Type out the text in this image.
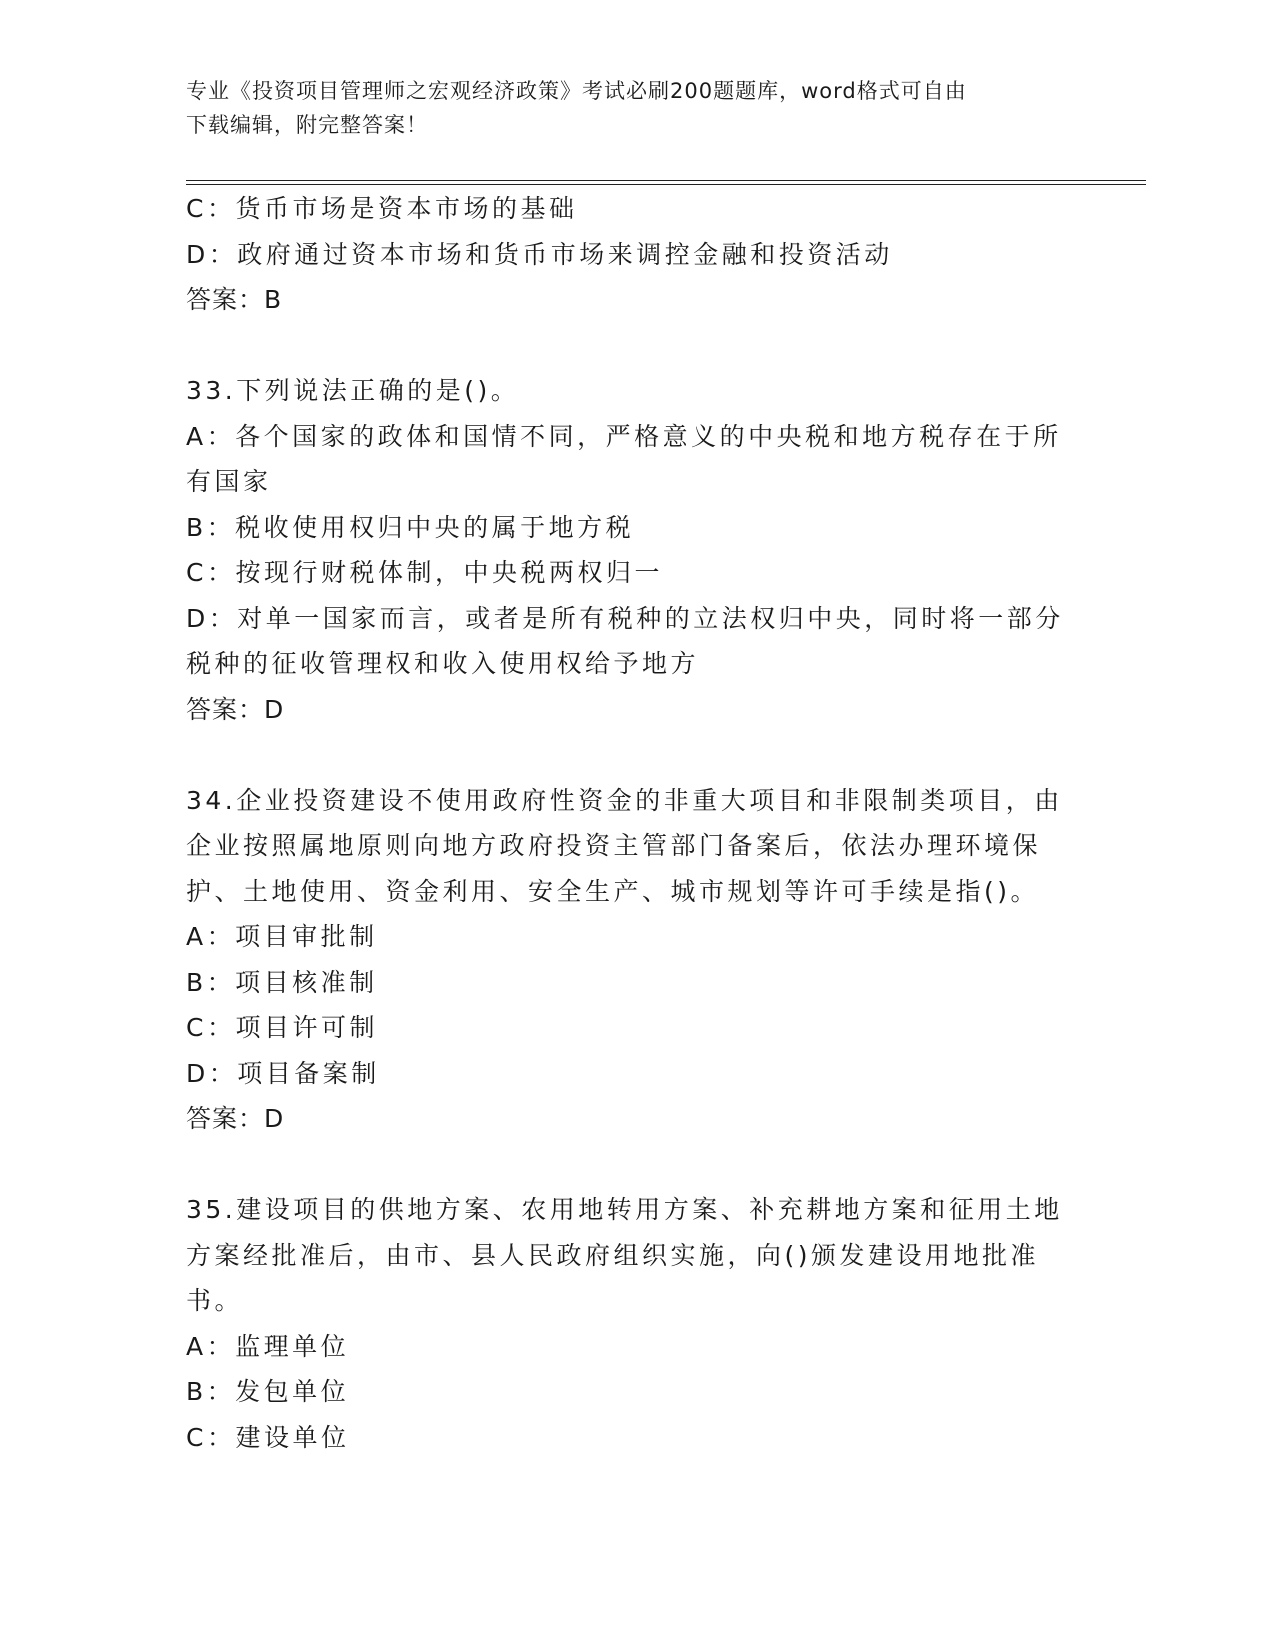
专业《投资项目管理师之宏观经济政策》考试必刷200题题库，word格式可自由
下载编辑，附完整答案！
C：货币市场是资本市场的基础
D：政府通过资本市场和货币市场来调控金融和投资活动
答案：B
33.下列说法正确的是()。
A：各个国家的政体和国情不同，严格意义的中央税和地方税存在于所
有国家
B：税收使用权归中央的属于地方税
C：按现行财税体制，中央税两权归一
D：对单一国家而言，或者是所有税种的立法权归中央，同时将一部分
税种的征收管理权和收入使用权给予地方
答案：D
34.企业投资建设不使用政府性资金的非重大项目和非限制类项目，由
企业按照属地原则向地方政府投资主管部门备案后，依法办理环境保
护、土地使用、资金利用、安全生产、城市规划等许可手续是指()。
A：项目审批制
B：项目核准制
C：项目许可制
D：项目备案制
答案：D
35.建设项目的供地方案、农用地转用方案、补充耕地方案和征用土地
方案经批准后，由市、县人民政府组织实施，向()颁发建设用地批准
书。
A：监理单位
B：发包单位
C：建设单位
